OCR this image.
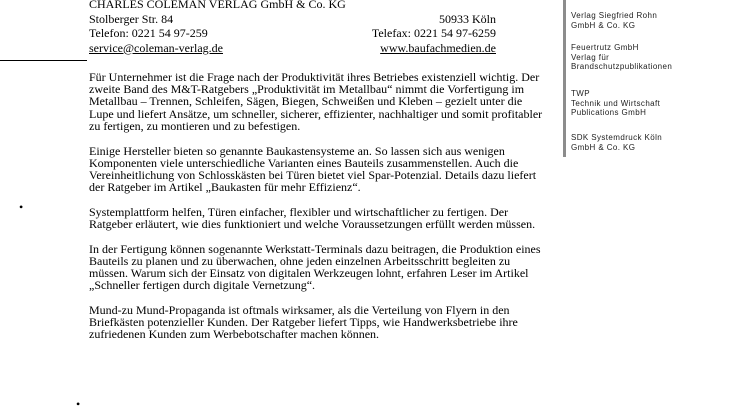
CHARLES COLEMAN VERLAG GmbH & Co. KG
Stolberger Str. 84	50933 Köln
Telefon: 0221 54 97-259	Telefax: 0221 54 97-6259
service@coleman-verlag.de	www.baufachmedien.de

Für Unternehmer ist die Frage nach der Produktivität ihres Betriebes existenziell wichtig. Der zweite Band des M&T-Ratgebers „Produktivität im Metallbau“ nimmt die Vorfertigung im Metallbau – Trennen, Schleifen, Sägen, Biegen, Schweißen und Kleben – gezielt unter die Lupe und liefert Ansätze, um schneller, sicherer, effizienter, nachhaltiger und somit profitabler zu fertigen, zu montieren und zu befestigen.

Einige Hersteller bieten so genannte Baukastensysteme an. So lassen sich aus wenigen Komponenten viele unterschiedliche Varianten eines Bauteils zusammenstellen. Auch die Vereinheitlichung von Schlosskästen bei Türen bietet viel Spar-Potenzial. Details dazu liefert der Ratgeber im Artikel „Baukasten für mehr Effizienz“.

Systemplattform helfen, Türen einfacher, flexibler und wirtschaftlicher zu fertigen. Der Ratgeber erläutert, wie dies funktioniert und welche Voraussetzungen erfüllt werden müssen.

In der Fertigung können sogenannte Werkstatt-Terminals dazu beitragen, die Produktion eines Bauteils zu planen und zu überwachen, ohne jeden einzelnen Arbeitsschritt begleiten zu müssen. Warum sich der Einsatz von digitalen Werkzeugen lohnt, erfahren Leser im Artikel „Schneller fertigen durch digitale Vernetzung“.

Mund-zu Mund-Propaganda ist oftmals wirksamer, als die Verteilung von Flyern in den Briefkästen potenzieller Kunden. Der Ratgeber liefert Tipps, wie Handwerksbetriebe ihre zufriedenen Kunden zum Werbebotschafter machen können.

•
•
Verlag Siegfried Rohn
GmbH & Co. KG
Feuertrutz GmbH
Verlag für
Brandschutzpublikationen
TWP
Technik und Wirtschaft
Publications GmbH
SDK Systemdruck Köln
GmbH & Co. KG
